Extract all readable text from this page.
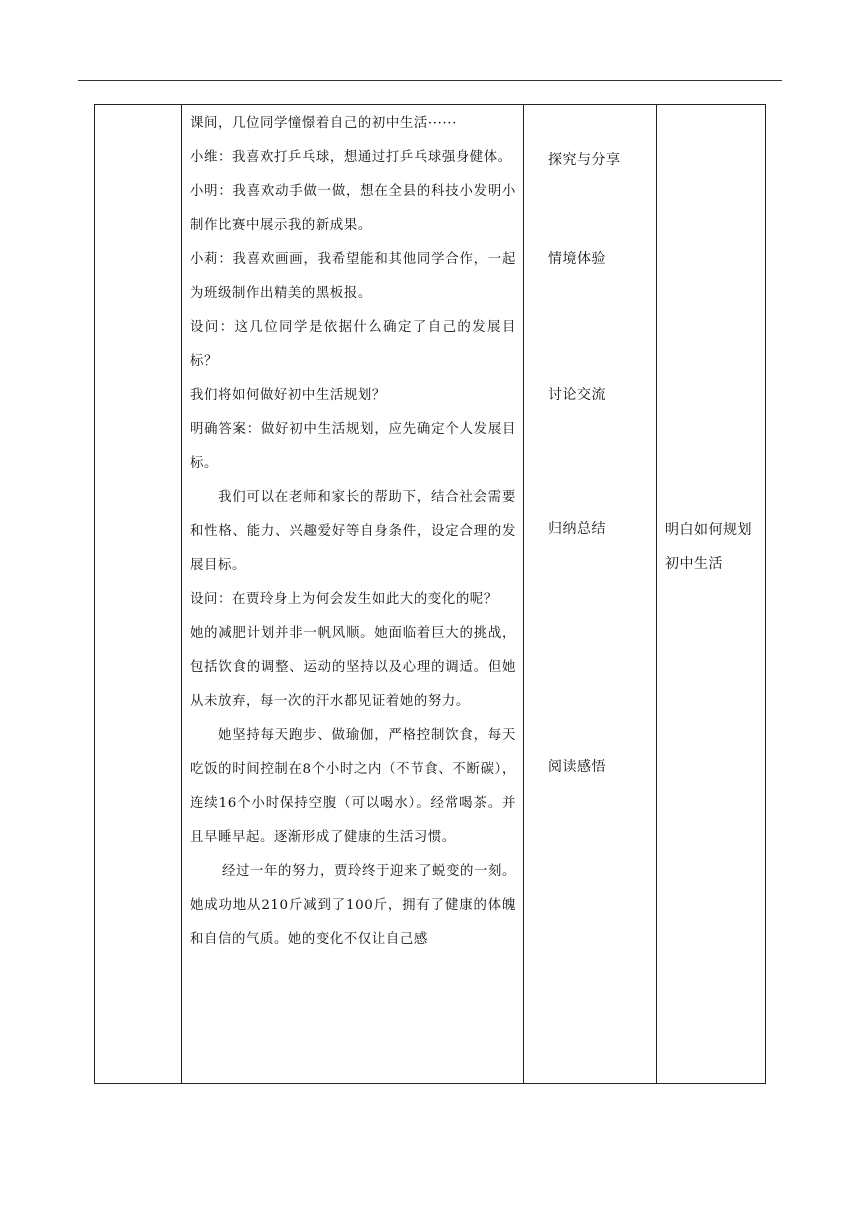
课间，几位同学憧憬着自己的初中生活······

小维：我喜欢打乒乓球，想通过打乒乓球强身健体。

小明：我喜欢动手做一做，想在全县的科技小发明小制作比赛中展示我的新成果。

小莉：我喜欢画画，我希望能和其他同学合作，一起为班级制作出精美的黑板报。

设问：这几位同学是依据什么确定了自己的发展目标？

我们将如何做好初中生活规划？

明确答案：做好初中生活规划，应先确定个人发展目标。

我们可以在老师和家长的帮助下，结合社会需要和性格、能力、兴趣爱好等自身条件，设定合理的发展目标。

设问：在贾玲身上为何会发生如此大的变化的呢？

她的减肥计划并非一帆风顺。她面临着巨大的挑战，包括饮食的调整、运动的坚持以及心理的调适。但她从未放弃，每一次的汗水都见证着她的努力。

她坚持每天跑步、做瑜伽，严格控制饮食，每天吃饭的时间控制在8个小时之内（不节食、不断碳），连续16个小时保持空腹（可以喝水）。经常喝茶。并且早睡早起。逐渐形成了健康的生活习惯。

经过一年的努力，贾玲终于迎来了蜕变的一刻。她成功地从210斤减到了100斤，拥有了健康的体魄和自信的气质。她的变化不仅让自己感

探究与分享
情境体验
讨论交流
归纳总结
阅读感悟
明白如何规划初中生活
